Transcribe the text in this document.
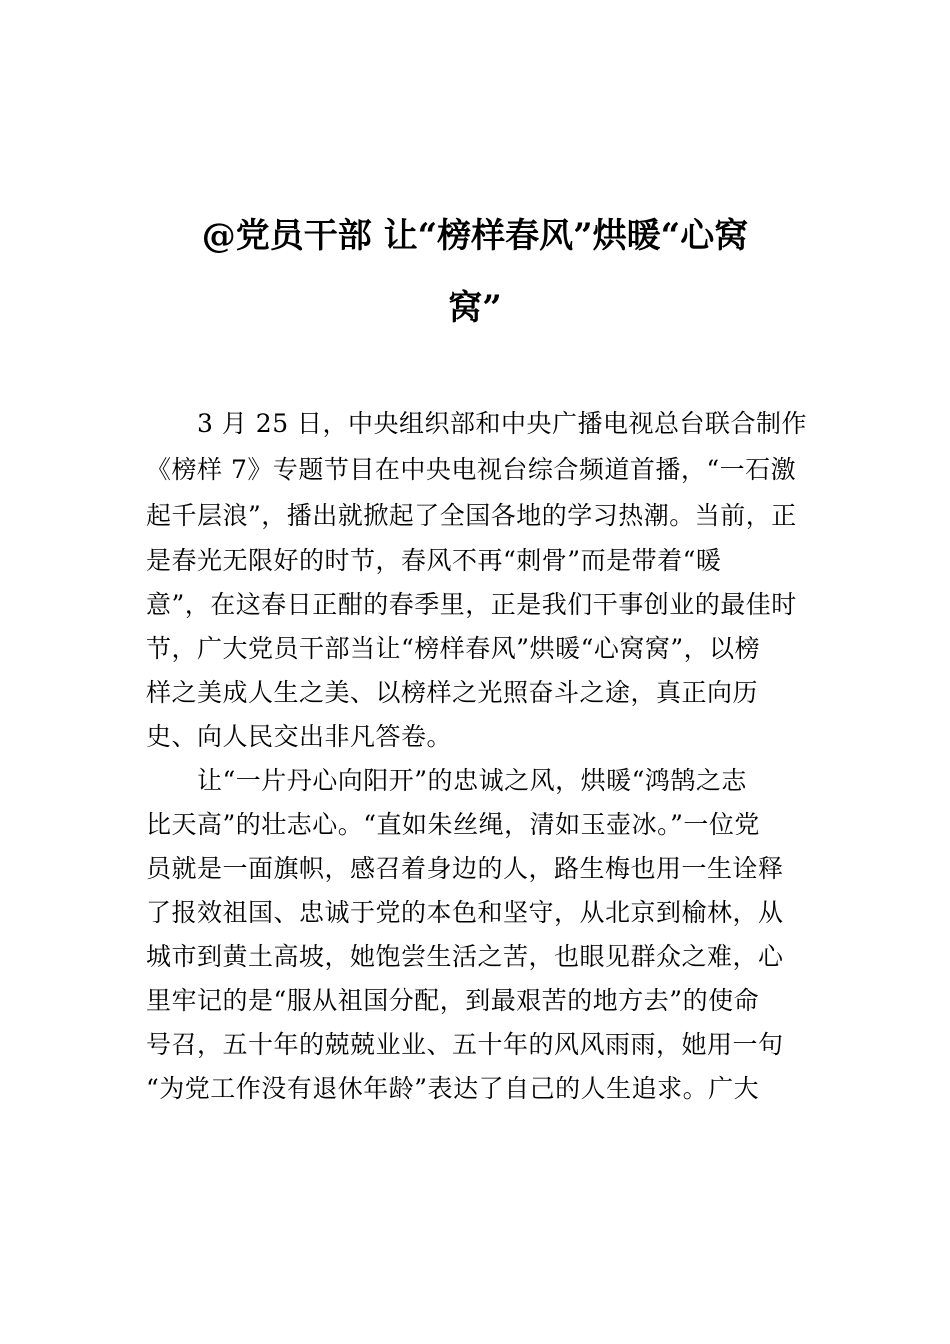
@党员干部 让“榜样春风”烘暖“心窝
窝”
　　3 月 25 日，中央组织部和中央广播电视总台联合制作
《榜样 7》专题节目在中央电视台综合频道首播，“一石激
起千层浪”，播出就掀起了全国各地的学习热潮。当前，正
是春光无限好的时节，春风不再“刺骨”而是带着“暖
意”，在这春日正酣的春季里，正是我们干事创业的最佳时
节，广大党员干部当让“榜样春风”烘暖“心窝窝”，以榜
样之美成人生之美、以榜样之光照奋斗之途，真正向历
史、向人民交出非凡答卷。
　　让“一片丹心向阳开”的忠诚之风，烘暖“鸿鹄之志
比天高”的壮志心。“直如朱丝绳，清如玉壶冰。”一位党
员就是一面旗帜，感召着身边的人，路生梅也用一生诠释
了报效祖国、忠诚于党的本色和坚守，从北京到榆林，从
城市到黄土高坡，她饱尝生活之苦，也眼见群众之难，心
里牢记的是“服从祖国分配，到最艰苦的地方去”的使命
号召，五十年的兢兢业业、五十年的风风雨雨，她用一句
“为党工作没有退休年龄”表达了自己的人生追求。广大
